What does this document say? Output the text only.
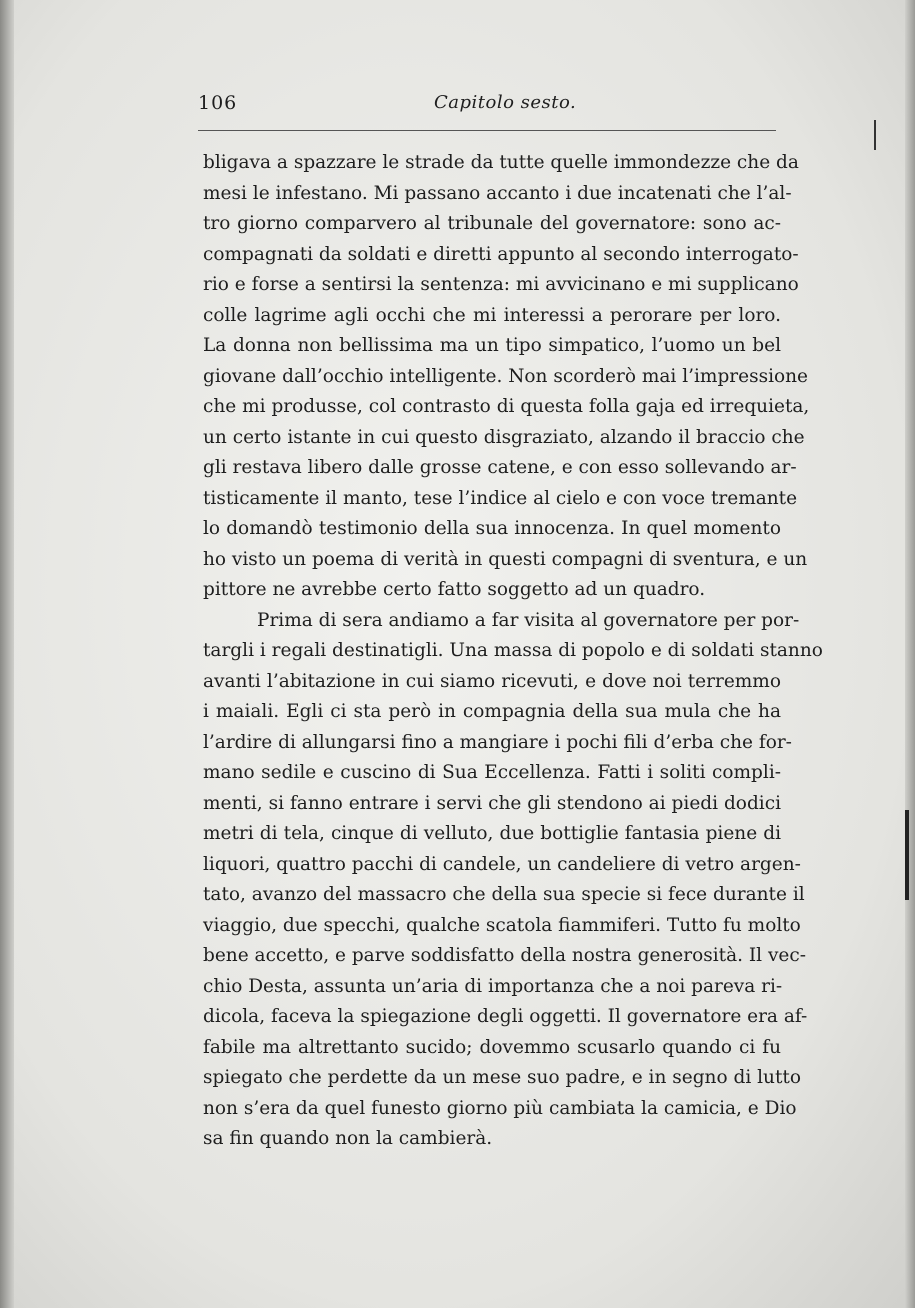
106	Capitolo sesto.
bligava a spazzare le strade da tutte quelle immondezze che da
mesi le infestano. Mi passano accanto i due incatenati che l’al-
tro giorno comparvero al tribunale del governatore: sono ac-
compagnati da soldati e diretti appunto al secondo interrogato-
rio e forse a sentirsi la sentenza: mi avvicinano e mi supplicano
colle lagrime agli occhi che mi interessi a perorare per loro.
La donna non bellissima ma un tipo simpatico, l’uomo un bel
giovane dall’occhio intelligente. Non scorderò mai l’impressione
che mi produsse, col contrasto di questa folla gaja ed irrequieta,
un certo istante in cui questo disgraziato, alzando il braccio che
gli restava libero dalle grosse catene, e con esso sollevando ar-
tisticamente il manto, tese l’indice al cielo e con voce tremante
lo domandò testimonio della sua innocenza. In quel momento
ho visto un poema di verità in questi compagni di sventura, e un
pittore ne avrebbe certo fatto soggetto ad un quadro.
Prima di sera andiamo a far visita al governatore per por-
targli i regali destinatigli. Una massa di popolo e di soldati stanno
avanti l’abitazione in cui siamo ricevuti, e dove noi terremmo
i maiali. Egli ci sta però in compagnia della sua mula che ha
l’ardire di allungarsi fino a mangiare i pochi fili d’erba che for-
mano sedile e cuscino di Sua Eccellenza. Fatti i soliti compli-
menti, si fanno entrare i servi che gli stendono ai piedi dodici
metri di tela, cinque di velluto, due bottiglie fantasia piene di
liquori, quattro pacchi di candele, un candeliere di vetro argen-
tato, avanzo del massacro che della sua specie si fece durante il
viaggio, due specchi, qualche scatola fiammiferi. Tutto fu molto
bene accetto, e parve soddisfatto della nostra generosità. Il vec-
chio Desta, assunta un’aria di importanza che a noi pareva ri-
dicola, faceva la spiegazione degli oggetti. Il governatore era af-
fabile ma altrettanto sucido; dovemmo scusarlo quando ci fu
spiegato che perdette da un mese suo padre, e in segno di lutto
non s’era da quel funesto giorno più cambiata la camicia, e Dio
sa fin quando non la cambierà.
